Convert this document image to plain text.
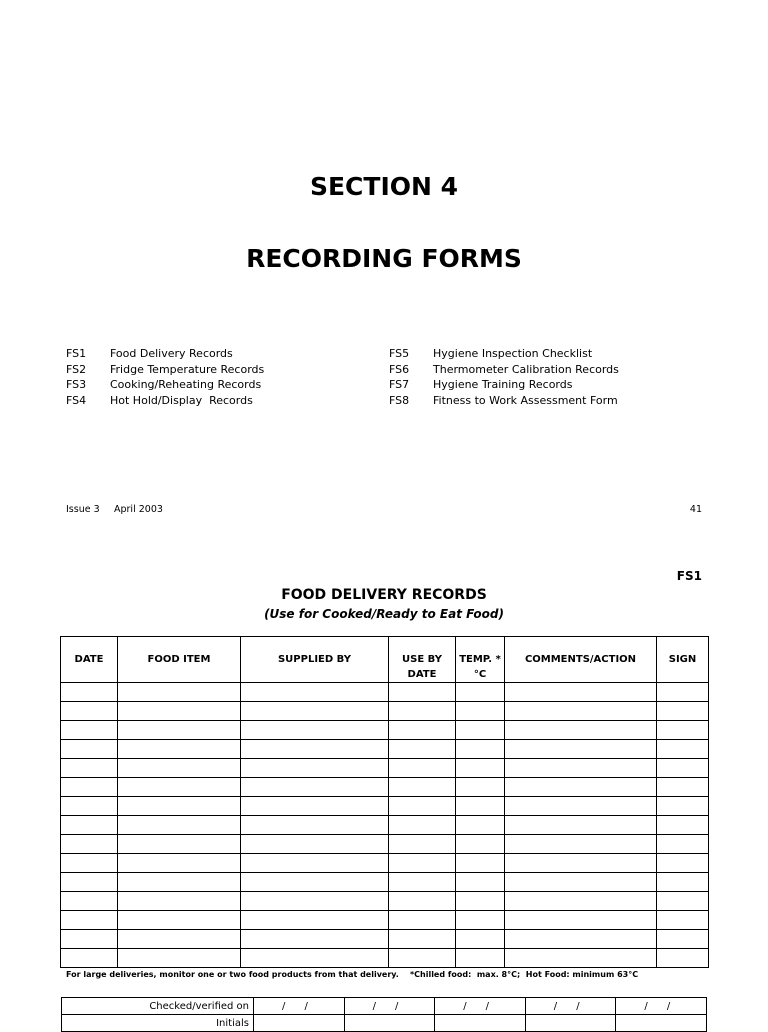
SECTION 4
RECORDING FORMS
FS1	Food Delivery Records
FS2	Fridge Temperature Records
FS3	Cooking/Reheating Records
FS4	Hot Hold/Display  Records
FS5	Hygiene Inspection Checklist
FS6	Thermometer Calibration Records
FS7	Hygiene Training Records
FS8	Fitness to Work Assessment Form
Issue 3 April 2003	41
FS1
FOOD DELIVERY RECORDS
(Use for Cooked/Ready to Eat Food)
DATE	FOOD ITEM	SUPPLIED BY	USE BY DATE	TEMP. * °C	COMMENTS/ACTION	SIGN

For large deliveries, monitor one or two food products from that delivery.    *Chilled food:  max. 8°C;  Hot Food: minimum 63°C
Checked/verified on	/      /	/      /	/      /	/      /	/      /
Initials					
